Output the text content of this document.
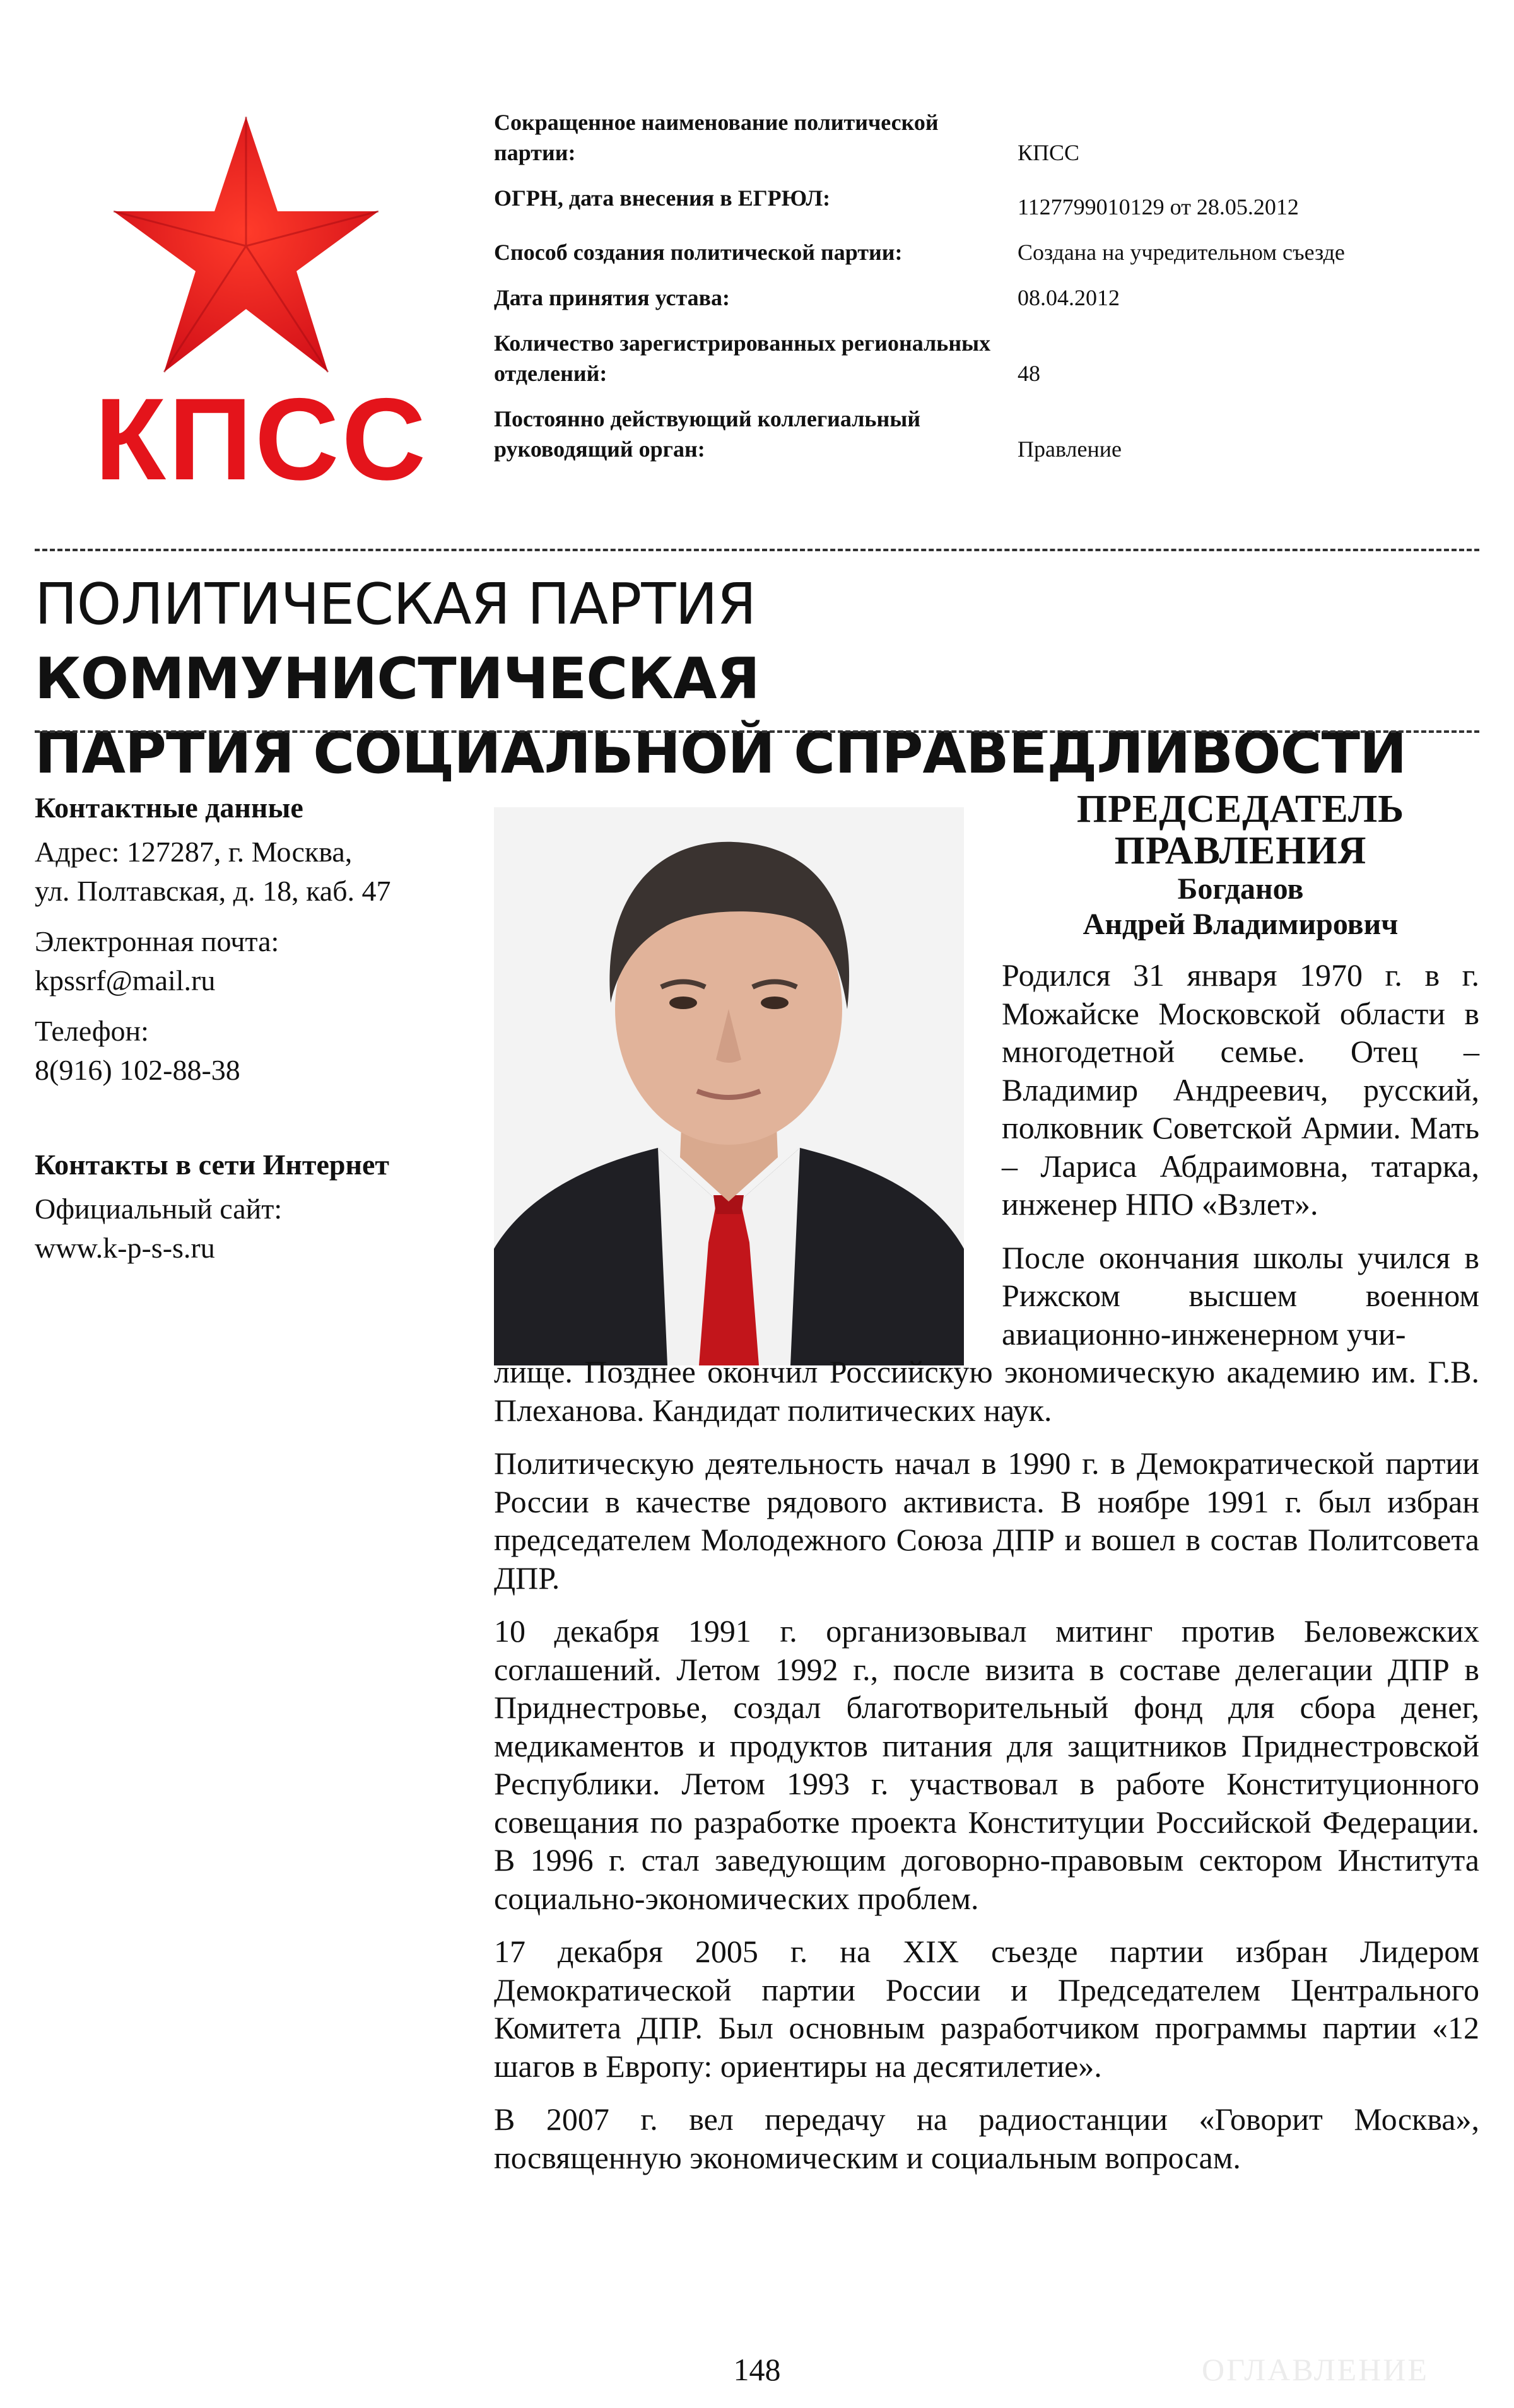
КПСС
Сокращенное наименование политической партии:	КПСС
ОГРН, дата внесения в ЕГРЮЛ:	1127799010129 от 28.05.2012
Способ создания политической партии:	Создана на учредительном съезде
Дата принятия устава:	08.04.2012
Количество зарегистрированных региональных отделений:	48
Постоянно действующий коллегиальный руководящий орган:	Правление
ПОЛИТИЧЕСКАЯ ПАРТИЯ КОММУНИСТИЧЕСКАЯ
ПАРТИЯ СОЦИАЛЬНОЙ СПРАВЕДЛИВОСТИ
Контактные данные
Адрес: 127287, г. Москва,
ул. Полтавская, д. 18, каб. 47
Электронная почта:
kpssrf@mail.ru
Телефон:
8(916) 102-88-38
Контакты в сети Интернет
Официальный сайт:
www.k-p-s-s.ru
ПРЕДСЕДАТЕЛЬ
ПРАВЛЕНИЯ
Богданов
Андрей Владимирович

Родился 31 января 1970 г. в г. Можайске Московской области в многодетной семье. Отец – Владимир Андреевич, русский, полковник Советской Армии. Мать – Лариса Абдраимовна, татарка, инженер НПО «Взлет».

После окончания школы учился в Рижском высшем военном авиационно-инженерном учи-

лище. Позднее окончил Российскую экономическую академию им. Г.В. Плеханова. Кандидат политических наук.

Политическую деятельность начал в 1990 г. в Демократической партии России в качестве рядового активиста. В ноябре 1991 г. был избран председателем Молодежного Союза ДПР и вошел в состав Политсовета ДПР.

10 декабря 1991 г. организовывал митинг против Беловежских соглашений. Летом 1992 г., после визита в составе делегации ДПР в Приднестровье, создал благотворительный фонд для сбора денег, медикаментов и продуктов питания для защитников Приднестровской Республики. Летом 1993 г. участвовал в работе Конституционного совещания по разработке проекта Конституции Российской Федерации. В 1996 г. стал заведующим договорно-правовым сектором Института социально-экономических проблем.

17 декабря 2005 г. на XIX съезде партии избран Лидером Демократической партии России и Председателем Центрального Комитета ДПР. Был основным разработчиком программы партии «12 шагов в Европу: ориентиры на десятилетие».

В 2007 г. вел передачу на радиостанции «Говорит Москва», посвященную экономическим и социальным вопросам.

148	ОГЛАВЛЕНИЕ
